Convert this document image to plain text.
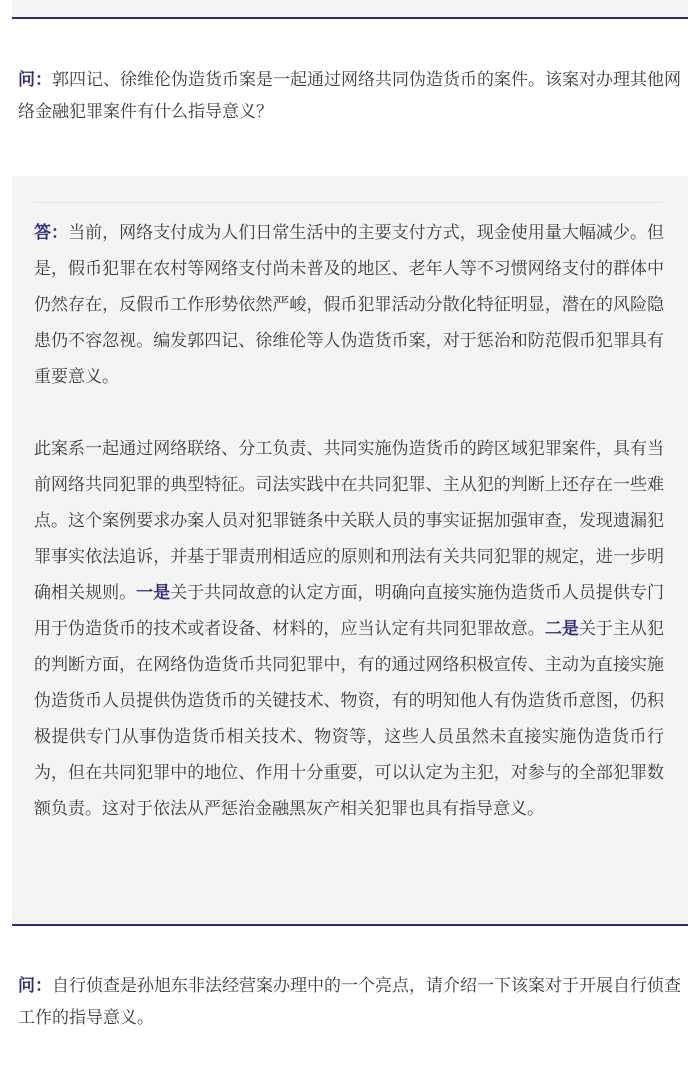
问：郭四记、徐维伦伪造货币案是一起通过网络共同伪造货币的案件。该案对办理其他网络金融犯罪案件有什么指导意义？

答：当前，网络支付成为人们日常生活中的主要支付方式，现金使用量大幅减少。但是，假币犯罪在农村等网络支付尚未普及的地区、老年人等不习惯网络支付的群体中仍然存在，反假币工作形势依然严峻，假币犯罪活动分散化特征明显，潜在的风险隐患仍不容忽视。编发郭四记、徐维伦等人伪造货币案，对于惩治和防范假币犯罪具有重要意义。

此案系一起通过网络联络、分工负责、共同实施伪造货币的跨区域犯罪案件，具有当前网络共同犯罪的典型特征。司法实践中在共同犯罪、主从犯的判断上还存在一些难点。这个案例要求办案人员对犯罪链条中关联人员的事实证据加强审查，发现遗漏犯罪事实依法追诉，并基于罪责刑相适应的原则和刑法有关共同犯罪的规定，进一步明确相关规则。一是关于共同故意的认定方面，明确向直接实施伪造货币人员提供专门用于伪造货币的技术或者设备、材料的，应当认定有共同犯罪故意。二是关于主从犯的判断方面，在网络伪造货币共同犯罪中，有的通过网络积极宣传、主动为直接实施伪造货币人员提供伪造货币的关键技术、物资，有的明知他人有伪造货币意图，仍积极提供专门从事伪造货币相关技术、物资等，这些人员虽然未直接实施伪造货币行为，但在共同犯罪中的地位、作用十分重要，可以认定为主犯，对参与的全部犯罪数额负责。这对于依法从严惩治金融黑灰产相关犯罪也具有指导意义。

问：自行侦查是孙旭东非法经营案办理中的一个亮点，请介绍一下该案对于开展自行侦查工作的指导意义。
